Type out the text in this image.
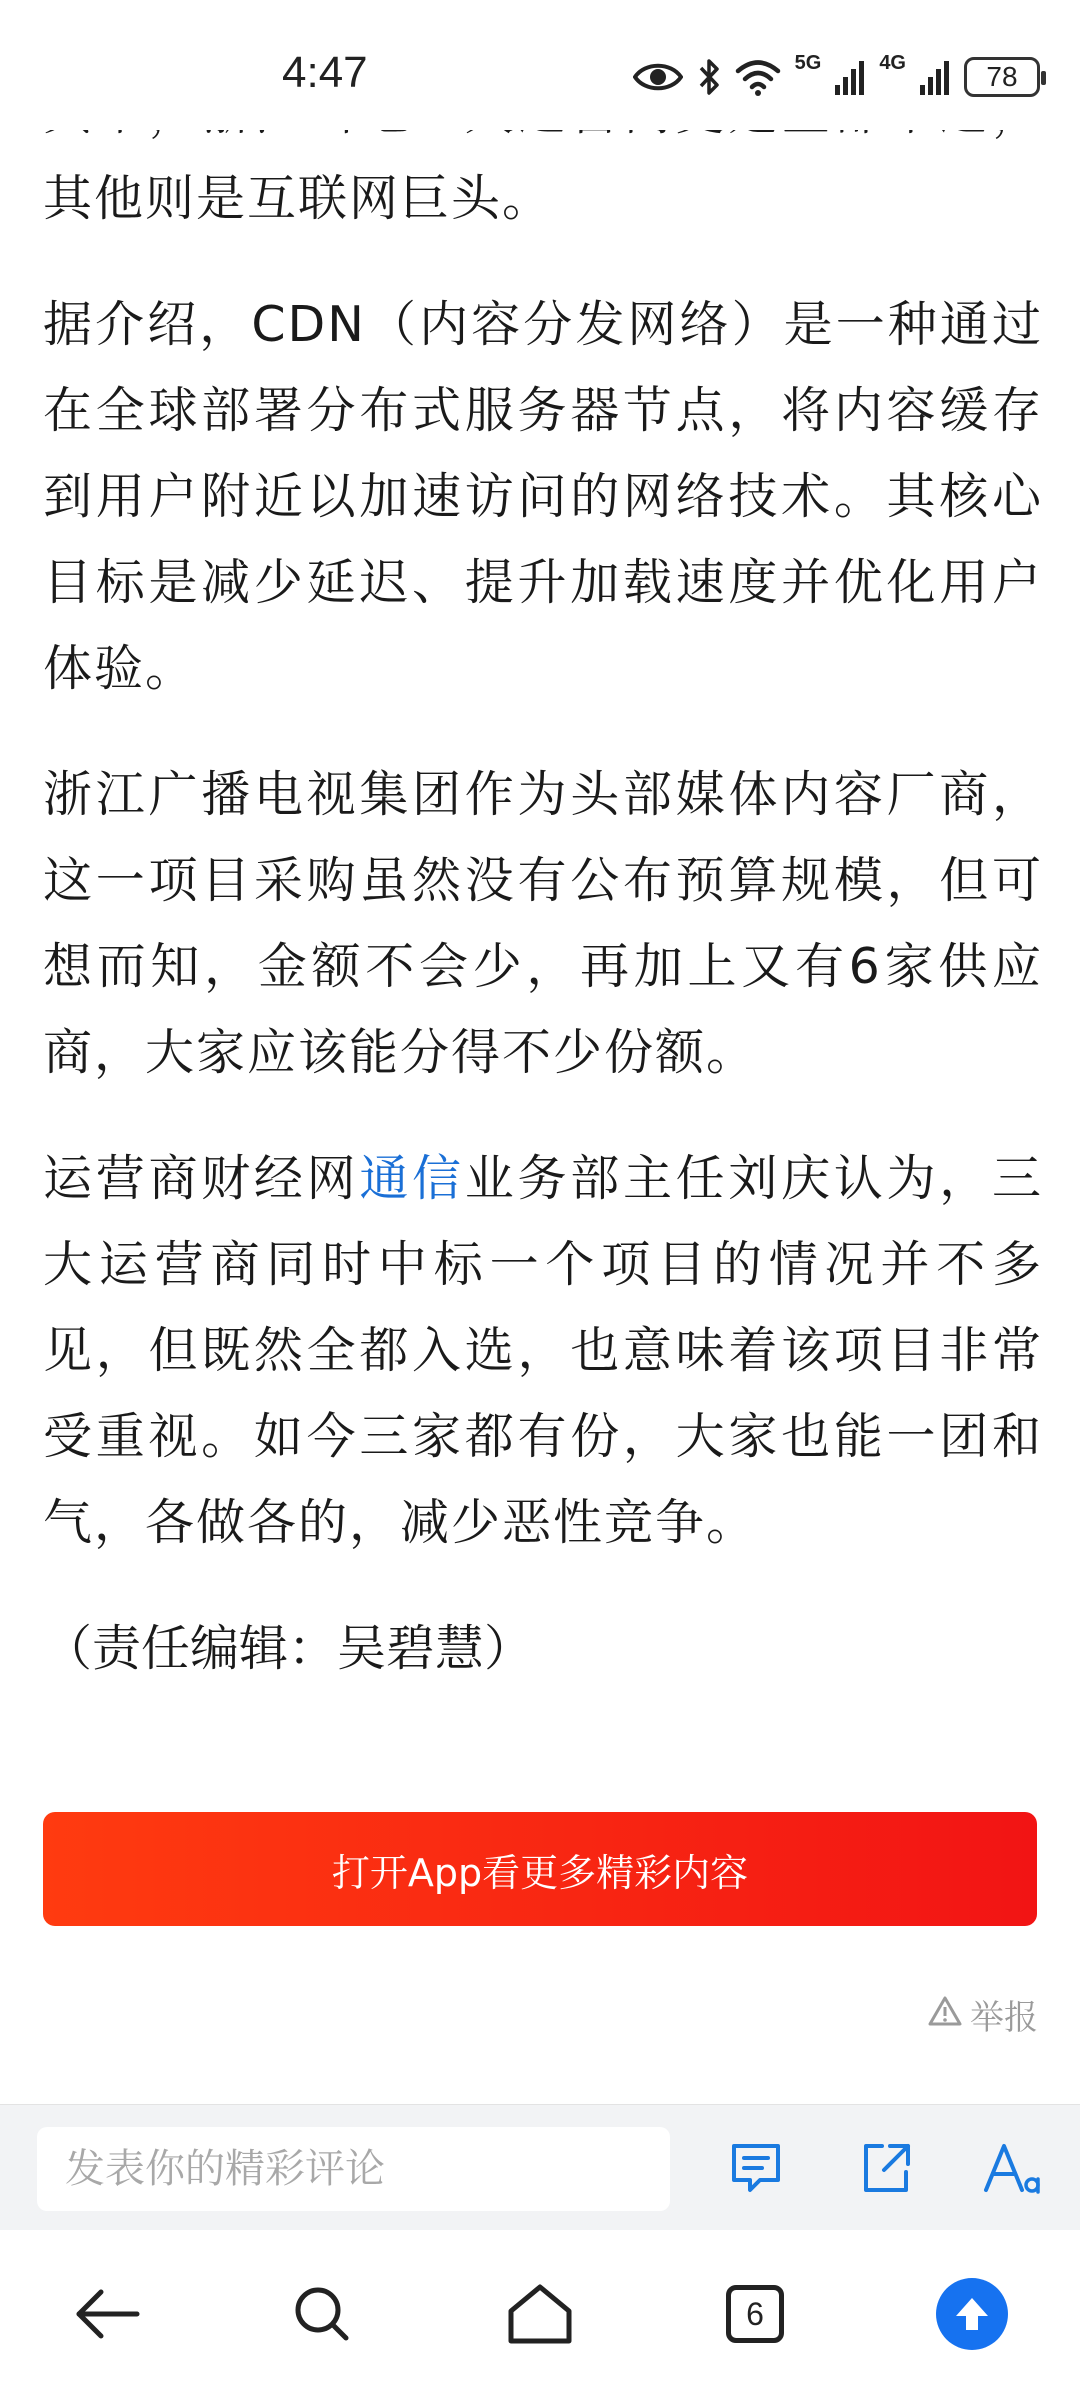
4:47	5G	4G	78

其他则是互联网巨头。

据介绍，CDN（内容分发网络）是一种通过在全球部署分布式服务器节点，将内容缓存到用户附近以加速访问的网络技术。其核心目标是减少延迟、提升加载速度并优化用户体验。

浙江广播电视集团作为头部媒体内容厂商，这一项目采购虽然没有公布预算规模，但可想而知，金额不会少，再加上又有6家供应商，大家应该能分得不少份额。

运营商财经网通信业务部主任刘庆认为，三大运营商同时中标一个项目的情况并不多见，但既然全都入选，也意味着该项目非常受重视。如今三家都有份，大家也能一团和气，各做各的，减少恶性竞争。

（责任编辑：吴碧慧）

打开App看更多精彩内容
举报
发表你的精彩评论
6
